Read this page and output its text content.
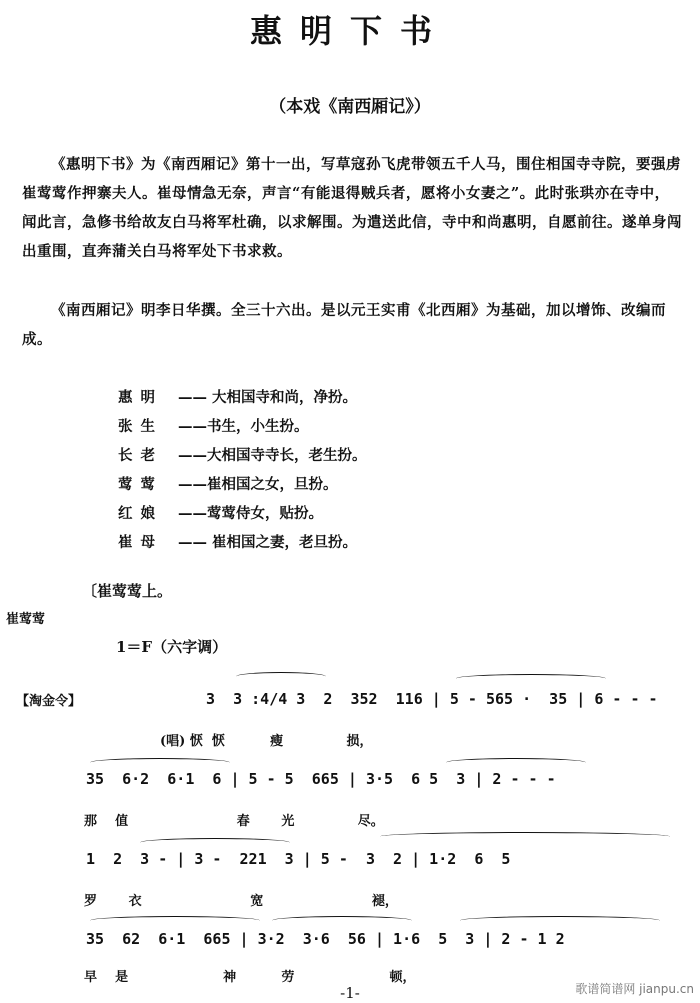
惠明下书
（本戏《南西厢记》）
《惠明下书》为《南西厢记》第十一出，写草寇孙飞虎带领五千人马，围住相国寺寺院，要强虏崔莺莺作押寨夫人。崔母情急无奈，声言“有能退得贼兵者，愿将小女妻之”。此时张珙亦在寺中，闻此言，急修书给故友白马将军杜确，以求解围。为遣送此信，寺中和尚惠明，自愿前往。遂单身闯出重围，直奔蒲关白马将军处下书求救。
《南西厢记》明李日华撰。全三十六出。是以元王实甫《北西厢》为基础，加以增饰、改编而成。
惠明 —— 大相国寺和尚，净扮。
张生 ——书生，小生扮。
长老 ——大相国寺寺长，老生扮。
莺莺 ——崔相国之女，旦扮。
红娘 ——莺莺侍女，贴扮。
崔母 —— 崔相国之妻，老旦扮。
〔崔莺莺上。
崔莺莺
1＝F（六字调）
【淘金令】	3  3 :4/4 3  2  352  116 | 5 - 565 ·  35 | 6 - - -
(唱) 恹  恹          瘦              损，
35  6·2  6·1  6 | 5 - 5  665 | 3·5  6 5  3 | 2 - - -
那    值                        春       光              尽。
1  2  3 - | 3 -  221  3 | 5 -  3  2 | 1·2  6  5
罗       衣                        宽                        褪，
35  62  6·1  665 | 3·2  3·6  56 | 1·6  5  3 | 2 - 1 2
早    是                     神          劳                     顿，
-1-	歌谱简谱网 jianpu.cn
